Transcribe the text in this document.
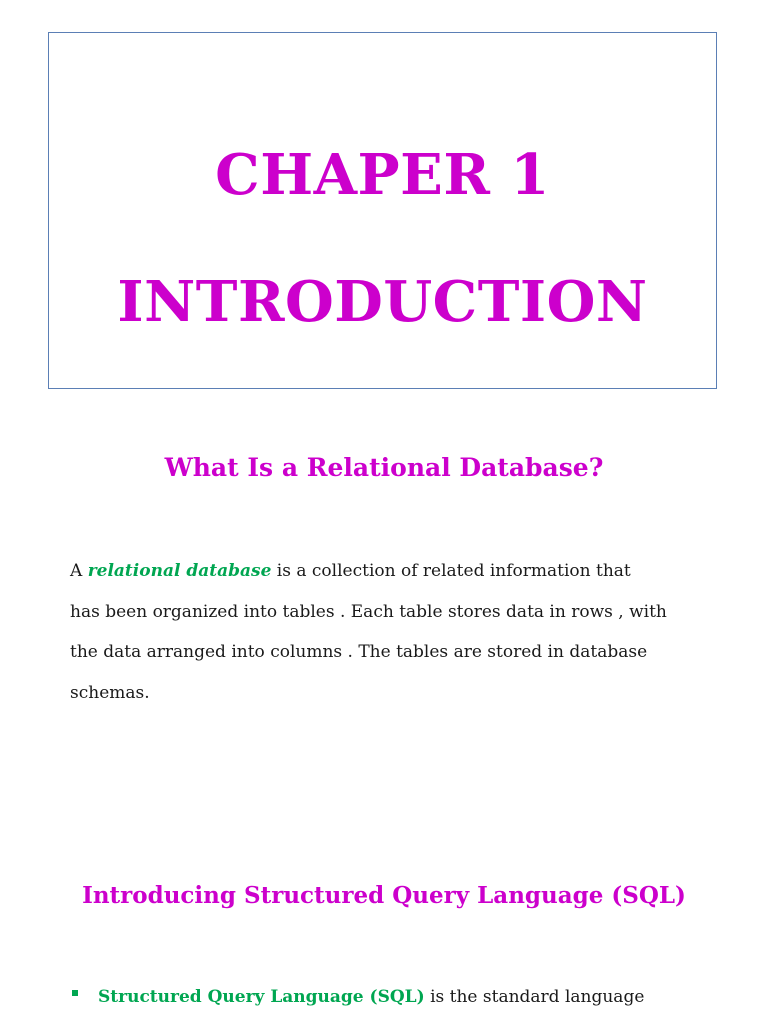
CHAPER 1
INTRODUCTION
What Is a Relational Database?
A relational database is a collection of related information that
has been organized into tables . Each table stores data in rows , with
the data arranged into columns . The tables are stored in database
schemas.
Introducing Structured Query Language (SQL)
Structured Query Language (SQL) is the standard language
